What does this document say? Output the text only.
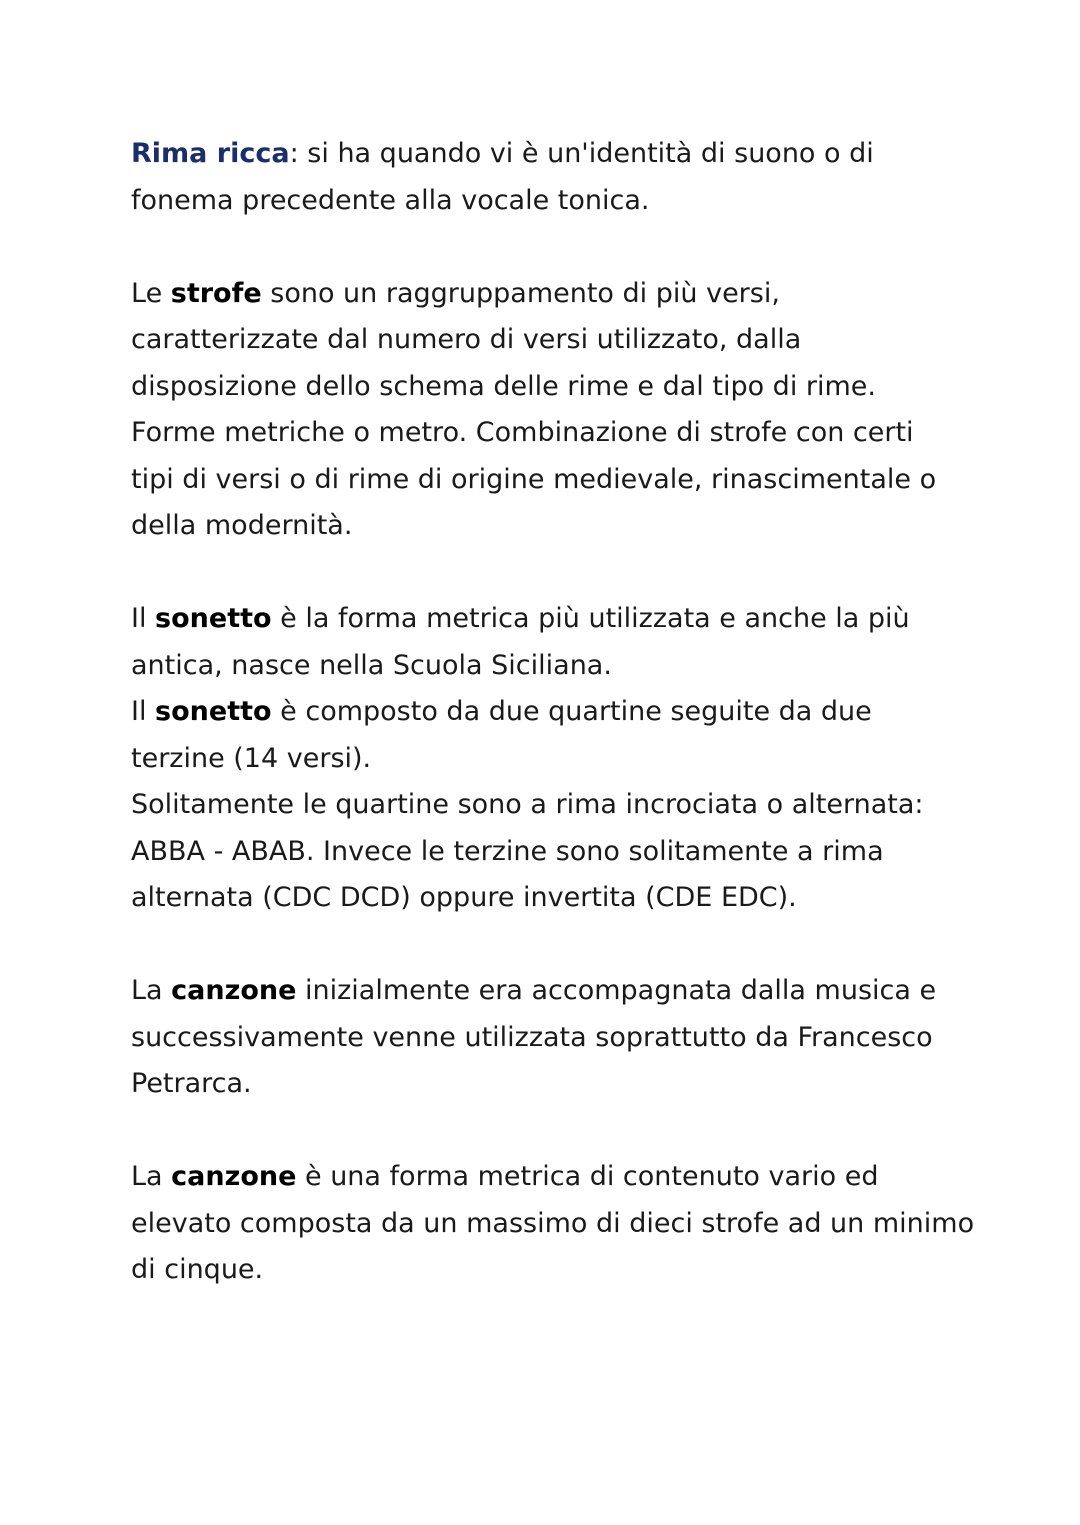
Rima ricca: si ha quando vi è un'identità di suono o di
fonema precedente alla vocale tonica.
Le strofe sono un raggruppamento di più versi,
caratterizzate dal numero di versi utilizzato, dalla
disposizione dello schema delle rime e dal tipo di rime.
Forme metriche o metro. Combinazione di strofe con certi
tipi di versi o di rime di origine medievale, rinascimentale o
della modernità.
Il sonetto è la forma metrica più utilizzata e anche la più
antica, nasce nella Scuola Siciliana.
Il sonetto è composto da due quartine seguite da due
terzine (14 versi).
Solitamente le quartine sono a rima incrociata o alternata:
ABBA - ABAB. Invece le terzine sono solitamente a rima
alternata (CDC DCD) oppure invertita (CDE EDC).
La canzone inizialmente era accompagnata dalla musica e
successivamente venne utilizzata soprattutto da Francesco
Petrarca.
La canzone è una forma metrica di contenuto vario ed
elevato composta da un massimo di dieci strofe ad un minimo
di cinque.
